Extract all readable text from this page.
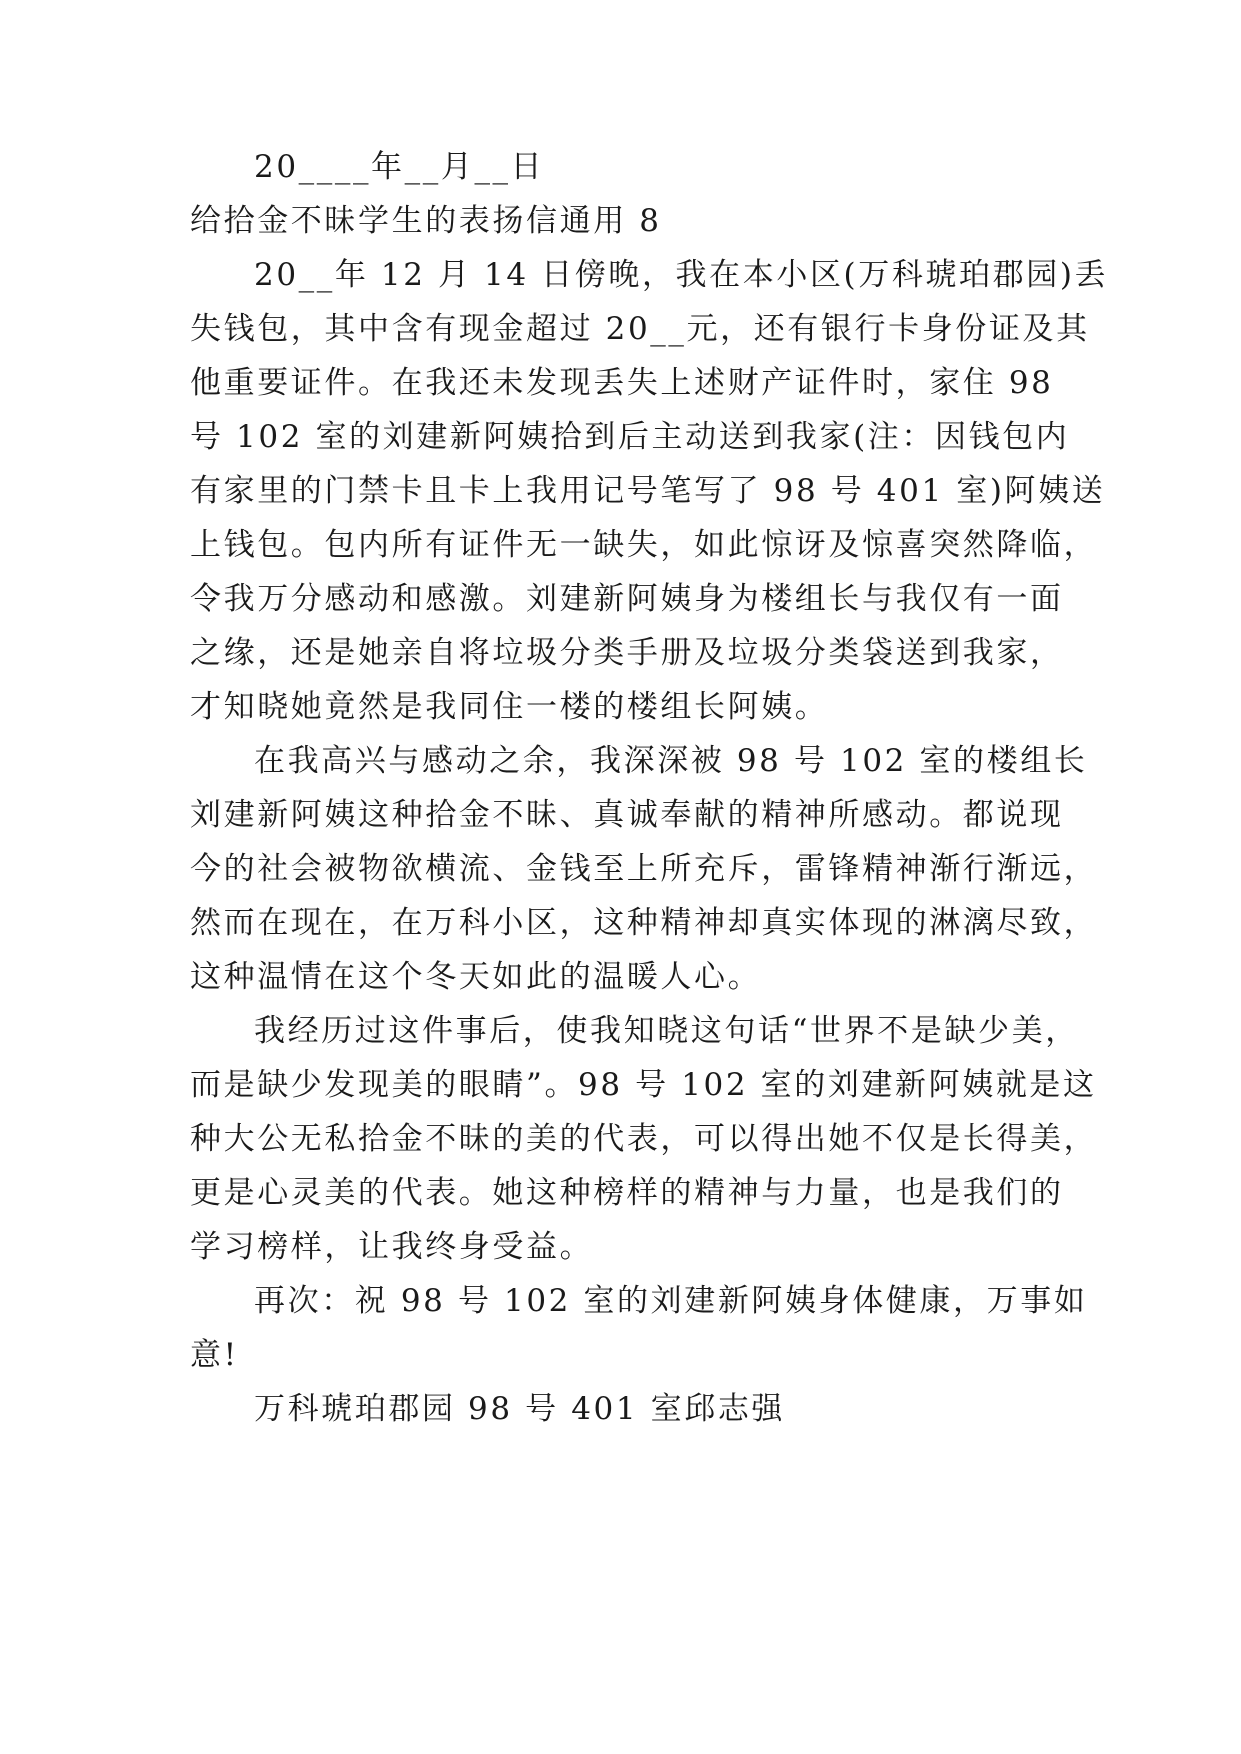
20____年__月__日
给拾金不昧学生的表扬信通用 8
20__年 12 月 14 日傍晚，我在本小区(万科琥珀郡园)丢
失钱包，其中含有现金超过 20__元，还有银行卡身份证及其
他重要证件。在我还未发现丢失上述财产证件时，家住 98
号 102 室的刘建新阿姨拾到后主动送到我家(注：因钱包内
有家里的门禁卡且卡上我用记号笔写了 98 号 401 室)阿姨送
上钱包。包内所有证件无一缺失，如此惊讶及惊喜突然降临，
令我万分感动和感激。刘建新阿姨身为楼组长与我仅有一面
之缘，还是她亲自将垃圾分类手册及垃圾分类袋送到我家，
才知晓她竟然是我同住一楼的楼组长阿姨。
在我高兴与感动之余，我深深被 98 号 102 室的楼组长
刘建新阿姨这种拾金不昧、真诚奉献的精神所感动。都说现
今的社会被物欲横流、金钱至上所充斥，雷锋精神渐行渐远，
然而在现在，在万科小区，这种精神却真实体现的淋漓尽致，
这种温情在这个冬天如此的温暖人心。
我经历过这件事后，使我知晓这句话“世界不是缺少美，
而是缺少发现美的眼睛”。98 号 102 室的刘建新阿姨就是这
种大公无私拾金不昧的美的代表，可以得出她不仅是长得美，
更是心灵美的代表。她这种榜样的精神与力量，也是我们的
学习榜样，让我终身受益。
再次：祝 98 号 102 室的刘建新阿姨身体健康，万事如
意!
万科琥珀郡园 98 号 401 室邱志强
